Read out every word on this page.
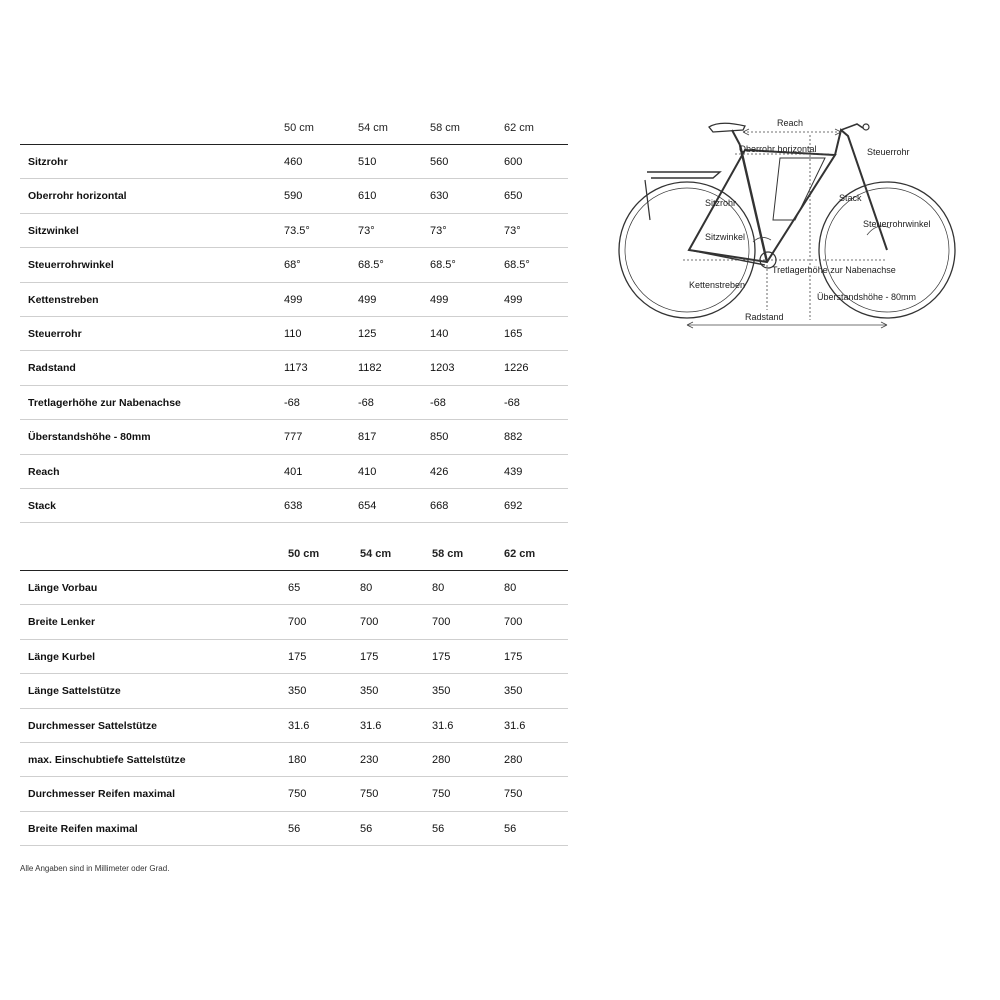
50 cm	54 cm	58 cm	62 cm
Sitzrohr	460	510	560	600
Oberrohr horizontal	590	610	630	650
Sitzwinkel	73.5°	73°	73°	73°
Steuerrohrwinkel	68°	68.5°	68.5°	68.5°
Kettenstreben	499	499	499	499
Steuerrohr	110	125	140	165
Radstand	1173	1182	1203	1226
Tretlagerhöhe zur Nabenachse	-68	-68	-68	-68
Überstandshöhe - 80mm	777	817	850	882
Reach	401	410	426	439
Stack	638	654	668	692
50 cm	54 cm	58 cm	62 cm
Länge Vorbau	65	80	80	80
Breite Lenker	700	700	700	700
Länge Kurbel	175	175	175	175
Länge Sattelstütze	350	350	350	350
Durchmesser Sattelstütze	31.6	31.6	31.6	31.6
max. Einschubtiefe Sattelstütze	180	230	280	280
Durchmesser Reifen maximal	750	750	750	750
Breite Reifen maximal	56	56	56	56
Alle Angaben sind in Millimeter oder Grad.
Reach
Oberrohr horizontal	Steuerrohr
Sitzrohr	Stack
Steuerrohrwinkel
Sitzwinkel
Tretlagerhöhe zur Nabenachse
Kettenstreben
Überstandshöhe - 80mm
Radstand
